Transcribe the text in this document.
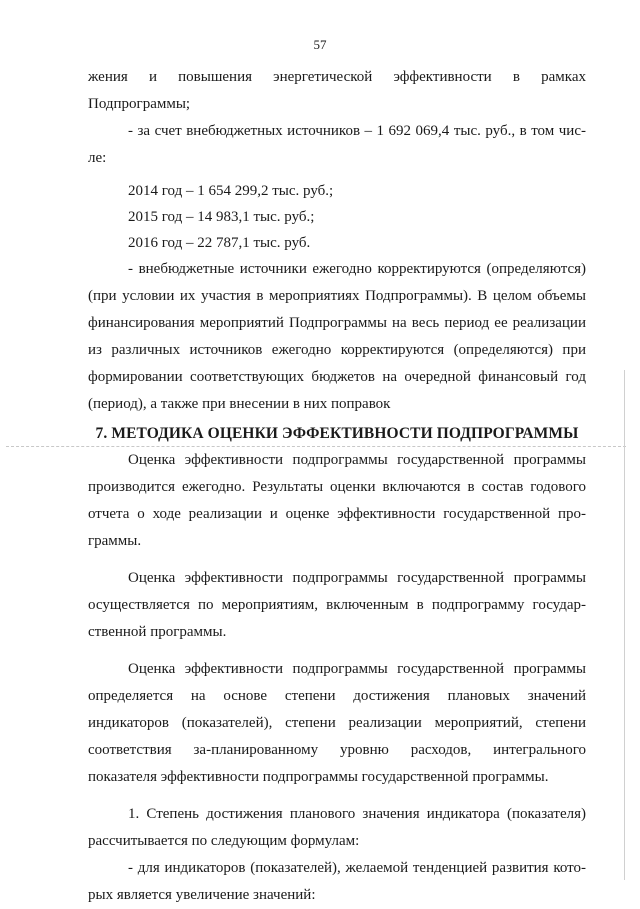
57

жения и повышения энергетической эффективности в рамках Подпрограммы;

- за счет внебюджетных источников – 1 692 069,4 тыс. руб., в том чис-ле:

2014 год – 1 654 299,2 тыс. руб.;

2015 год – 14 983,1 тыс. руб.;

2016 год – 22 787,1 тыс. руб.

- внебюджетные источники ежегодно корректируются (определяются) (при условии их участия в мероприятиях Подпрограммы). В целом объемы финансирования мероприятий Подпрограммы на весь период ее реализации из различных источников ежегодно корректируются (определяются) при формировании соответствующих бюджетов на очередной финансовый год (период), а также при внесении в них поправок

7. МЕТОДИКА ОЦЕНКИ ЭФФЕКТИВНОСТИ ПОДПРОГРАММЫ

Оценка эффективности подпрограммы государственной программы производится ежегодно. Результаты оценки включаются в состав годового отчета о ходе реализации и оценке эффективности государственной про-граммы.

Оценка эффективности подпрограммы государственной программы осуществляется по мероприятиям, включенным в подпрограмму государ-ственной программы.

Оценка эффективности подпрограммы государственной программы определяется на основе степени достижения плановых значений индикаторов (показателей), степени реализации мероприятий, степени соответствия за-планированному уровню расходов, интегрального показателя эффективности подпрограммы государственной программы.

1. Степень достижения планового значения индикатора (показателя) рассчитывается по следующим формулам:

- для индикаторов (показателей), желаемой тенденцией развития кото-рых является увеличение значений:
